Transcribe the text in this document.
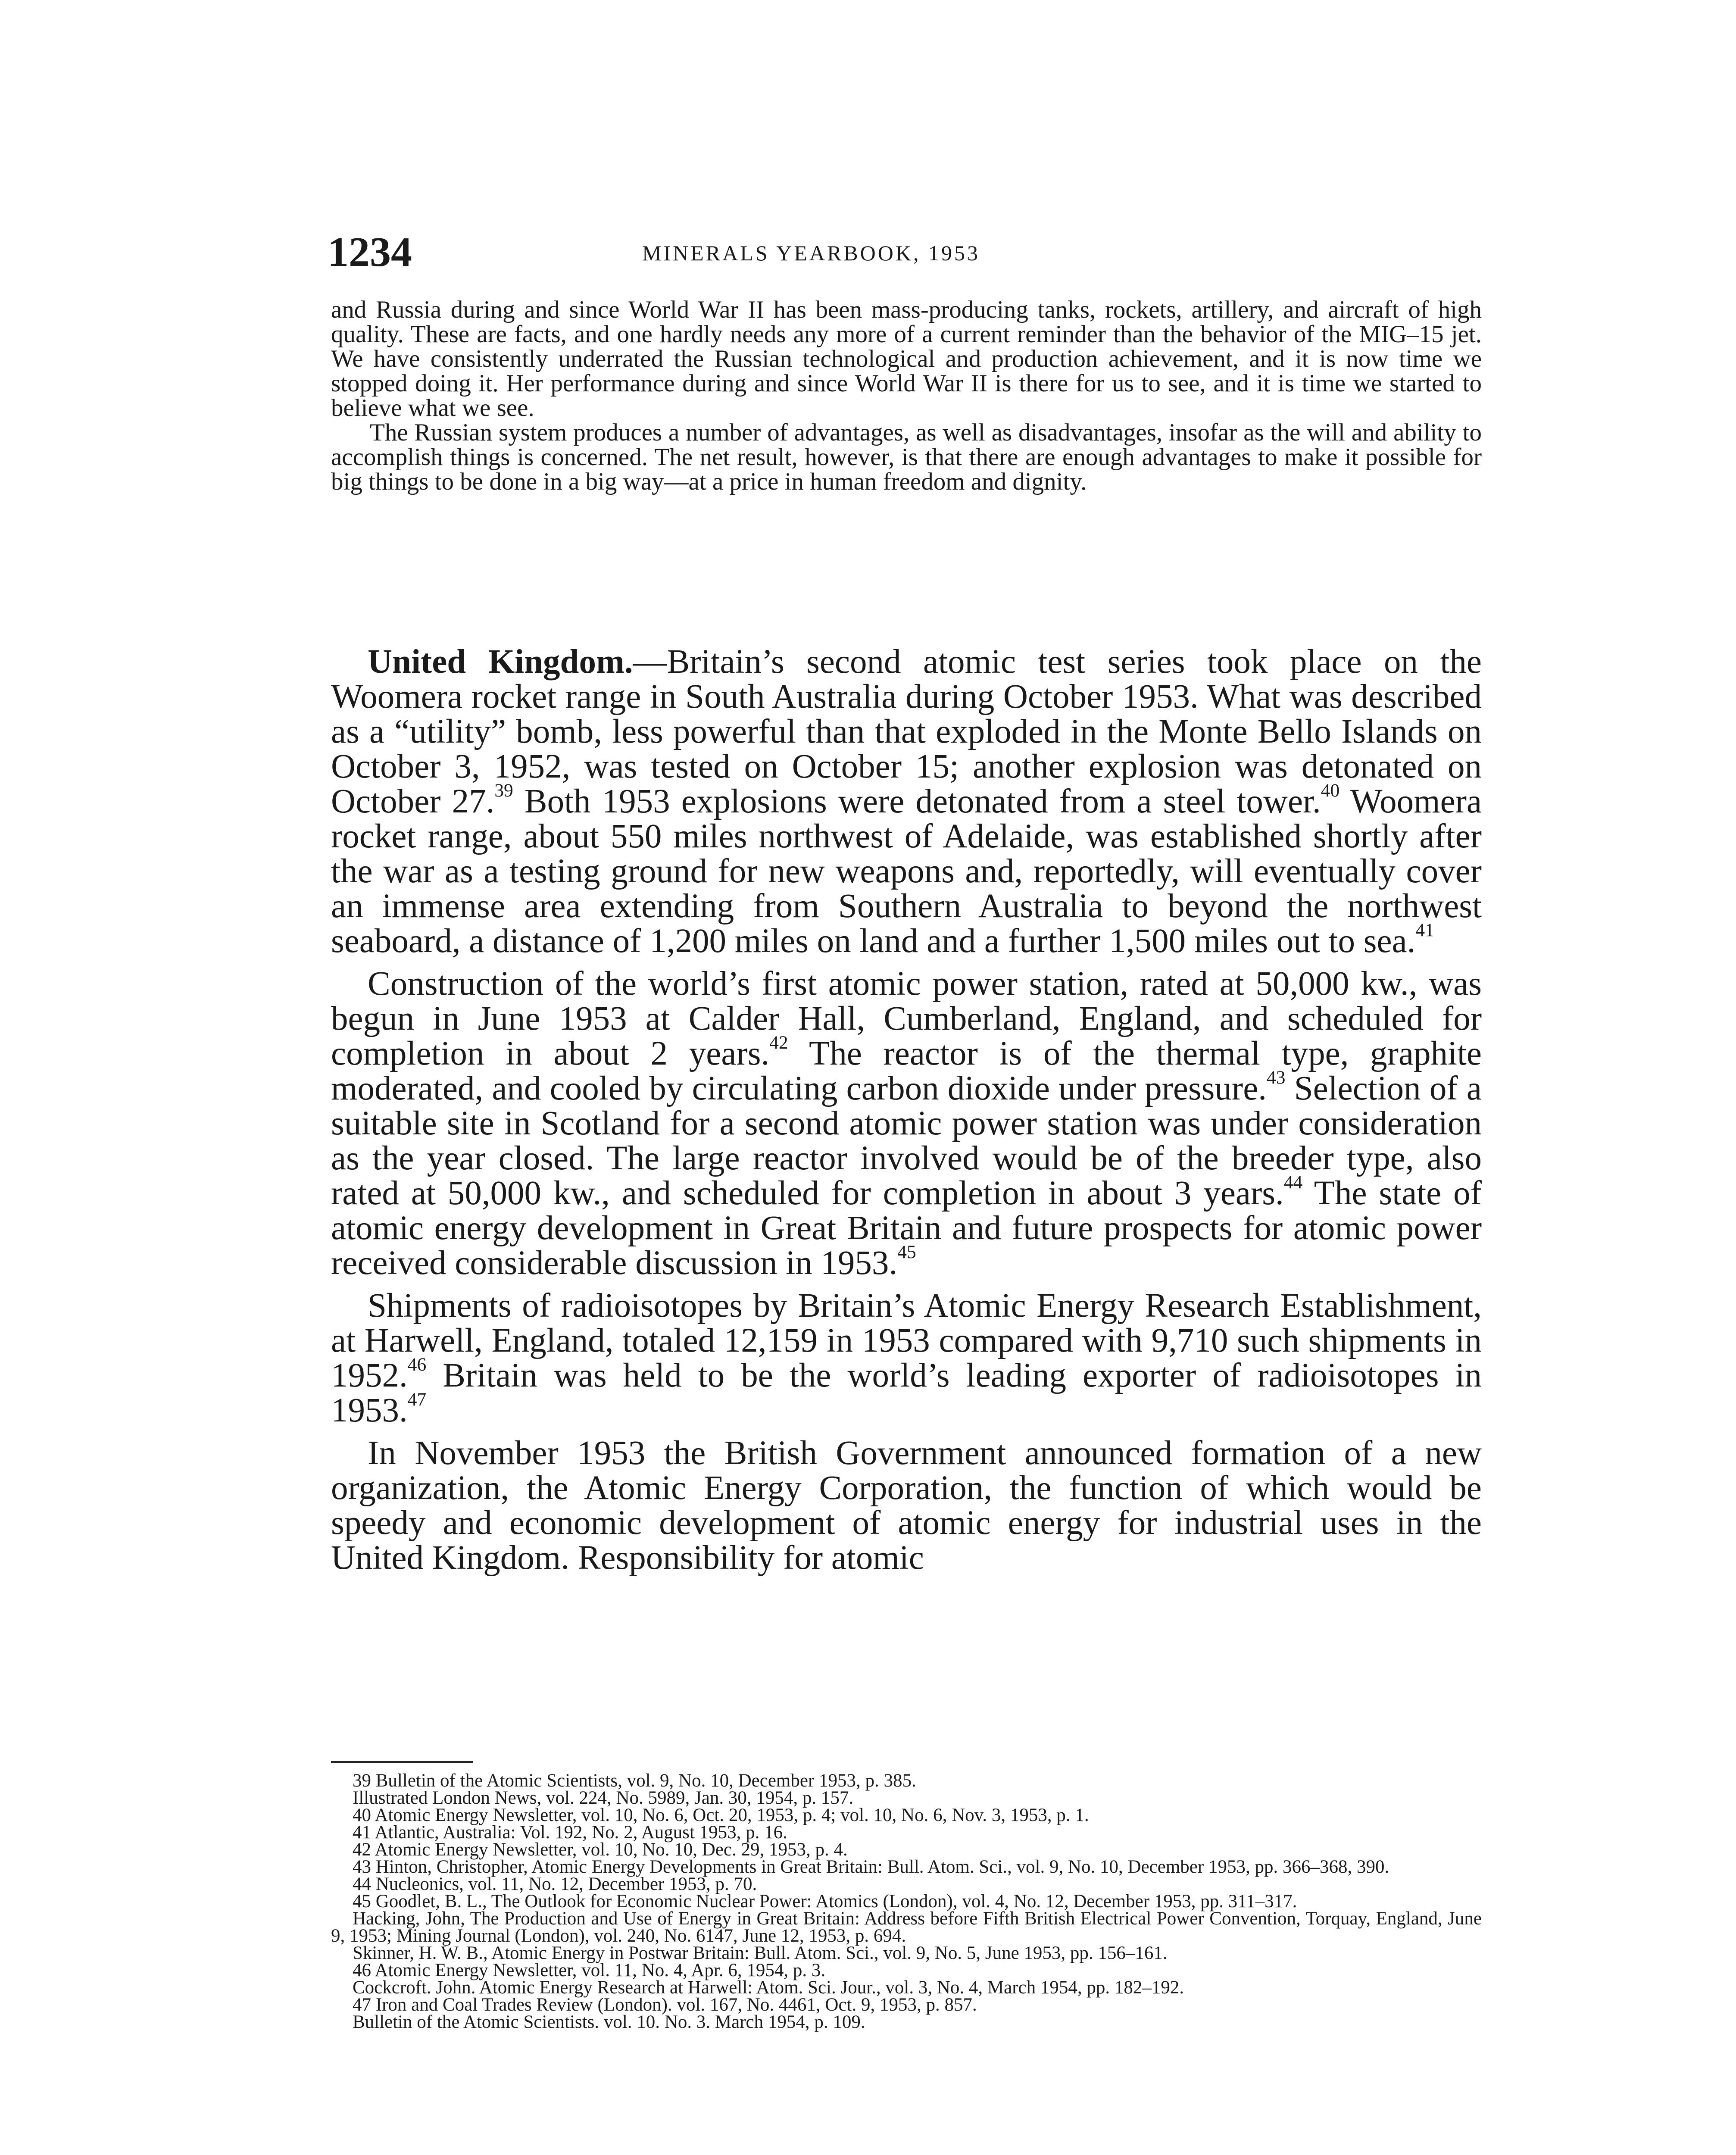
1234	MINERALS YEARBOOK, 1953

and Russia during and since World War II has been mass-producing tanks, rockets, artillery, and aircraft of high quality. These are facts, and one hardly needs any more of a current reminder than the behavior of the MIG–15 jet. We have consistently underrated the Russian technological and production achievement, and it is now time we stopped doing it. Her performance during and since World War II is there for us to see, and it is time we started to believe what we see.

The Russian system produces a number of advantages, as well as disadvantages, insofar as the will and ability to accomplish things is concerned. The net result, however, is that there are enough advantages to make it possible for big things to be done in a big way—at a price in human freedom and dignity.

United Kingdom.—Britain’s second atomic test series took place on the Woomera rocket range in South Australia during October 1953. What was described as a “utility” bomb, less powerful than that exploded in the Monte Bello Islands on October 3, 1952, was tested on October 15; another explosion was detonated on October 27.39 Both 1953 explosions were detonated from a steel tower.$^{40}$ Woomera rocket range, about 550 miles northwest of Adelaide, was established shortly after the war as a testing ground for new weapons and, reportedly, will eventually cover an immense area extending from Southern Australia to beyond the northwest seaboard, a distance of 1,200 miles on land and a further 1,500 miles out to sea.$^{41}$

Construction of the world’s first atomic power station, rated at 50,000 kw., was begun in June 1953 at Calder Hall, Cumberland, England, and scheduled for completion in about 2 years.$^{42}$ The reactor is of the thermal type, graphite moderated, and cooled by circulating carbon dioxide under pressure.$^{43}$ Selection of a suitable site in Scotland for a second atomic power station was under consideration as the year closed. The large reactor involved would be of the breeder type, also rated at 50,000 kw., and scheduled for completion in about 3 years.$^{44}$ The state of atomic energy development in Great Britain and future prospects for atomic power received considerable discussion in 1953.45

Shipments of radioisotopes by Britain’s Atomic Energy Research Establishment, at Harwell, England, totaled 12,159 in 1953 compared with 9,710 such shipments in 1952.46 Britain was held to be the world’s leading exporter of radioisotopes in 1953.47

In November 1953 the British Government announced formation of a new organization, the Atomic Energy Corporation, the function of which would be speedy and economic development of atomic energy for industrial uses in the United Kingdom. Responsibility for atomic

39 Bulletin of the Atomic Scientists, vol. 9, No. 10, December 1953, p. 385.

Illustrated London News, vol. 224, No. 5989, Jan. 30, 1954, p. 157.

40 Atomic Energy Newsletter, vol. 10, No. 6, Oct. 20, 1953, p. 4; vol. 10, No. 6, Nov. 3, 1953, p. 1.

41 Atlantic, Australia: Vol. 192, No. 2, August 1953, p. 16.

42 Atomic Energy Newsletter, vol. 10, No. 10, Dec. 29, 1953, p. 4.

43 Hinton, Christopher, Atomic Energy Developments in Great Britain: Bull. Atom. Sci., vol. 9, No. 10, December 1953, pp. 366–368, 390.

44 Nucleonics, vol. 11, No. 12, December 1953, p. 70.

45 Goodlet, B. L., The Outlook for Economic Nuclear Power: Atomics (London), vol. 4, No. 12, December 1953, pp. 311–317.

Hacking, John, The Production and Use of Energy in Great Britain: Address before Fifth British Electrical Power Convention, Torquay, England, June 9, 1953; Mining Journal (London), vol. 240, No. 6147, June 12, 1953, p. 694.

Skinner, H. W. B., Atomic Energy in Postwar Britain: Bull. Atom. Sci., vol. 9, No. 5, June 1953, pp. 156–161.

46 Atomic Energy Newsletter, vol. 11, No. 4, Apr. 6, 1954, p. 3.

Cockcroft. John. Atomic Energy Research at Harwell: Atom. Sci. Jour., vol. 3, No. 4, March 1954, pp. 182–192.

47 Iron and Coal Trades Review (London). vol. 167, No. 4461, Oct. 9, 1953, p. 857.

Bulletin of the Atomic Scientists. vol. 10. No. 3. March 1954, p. 109.
